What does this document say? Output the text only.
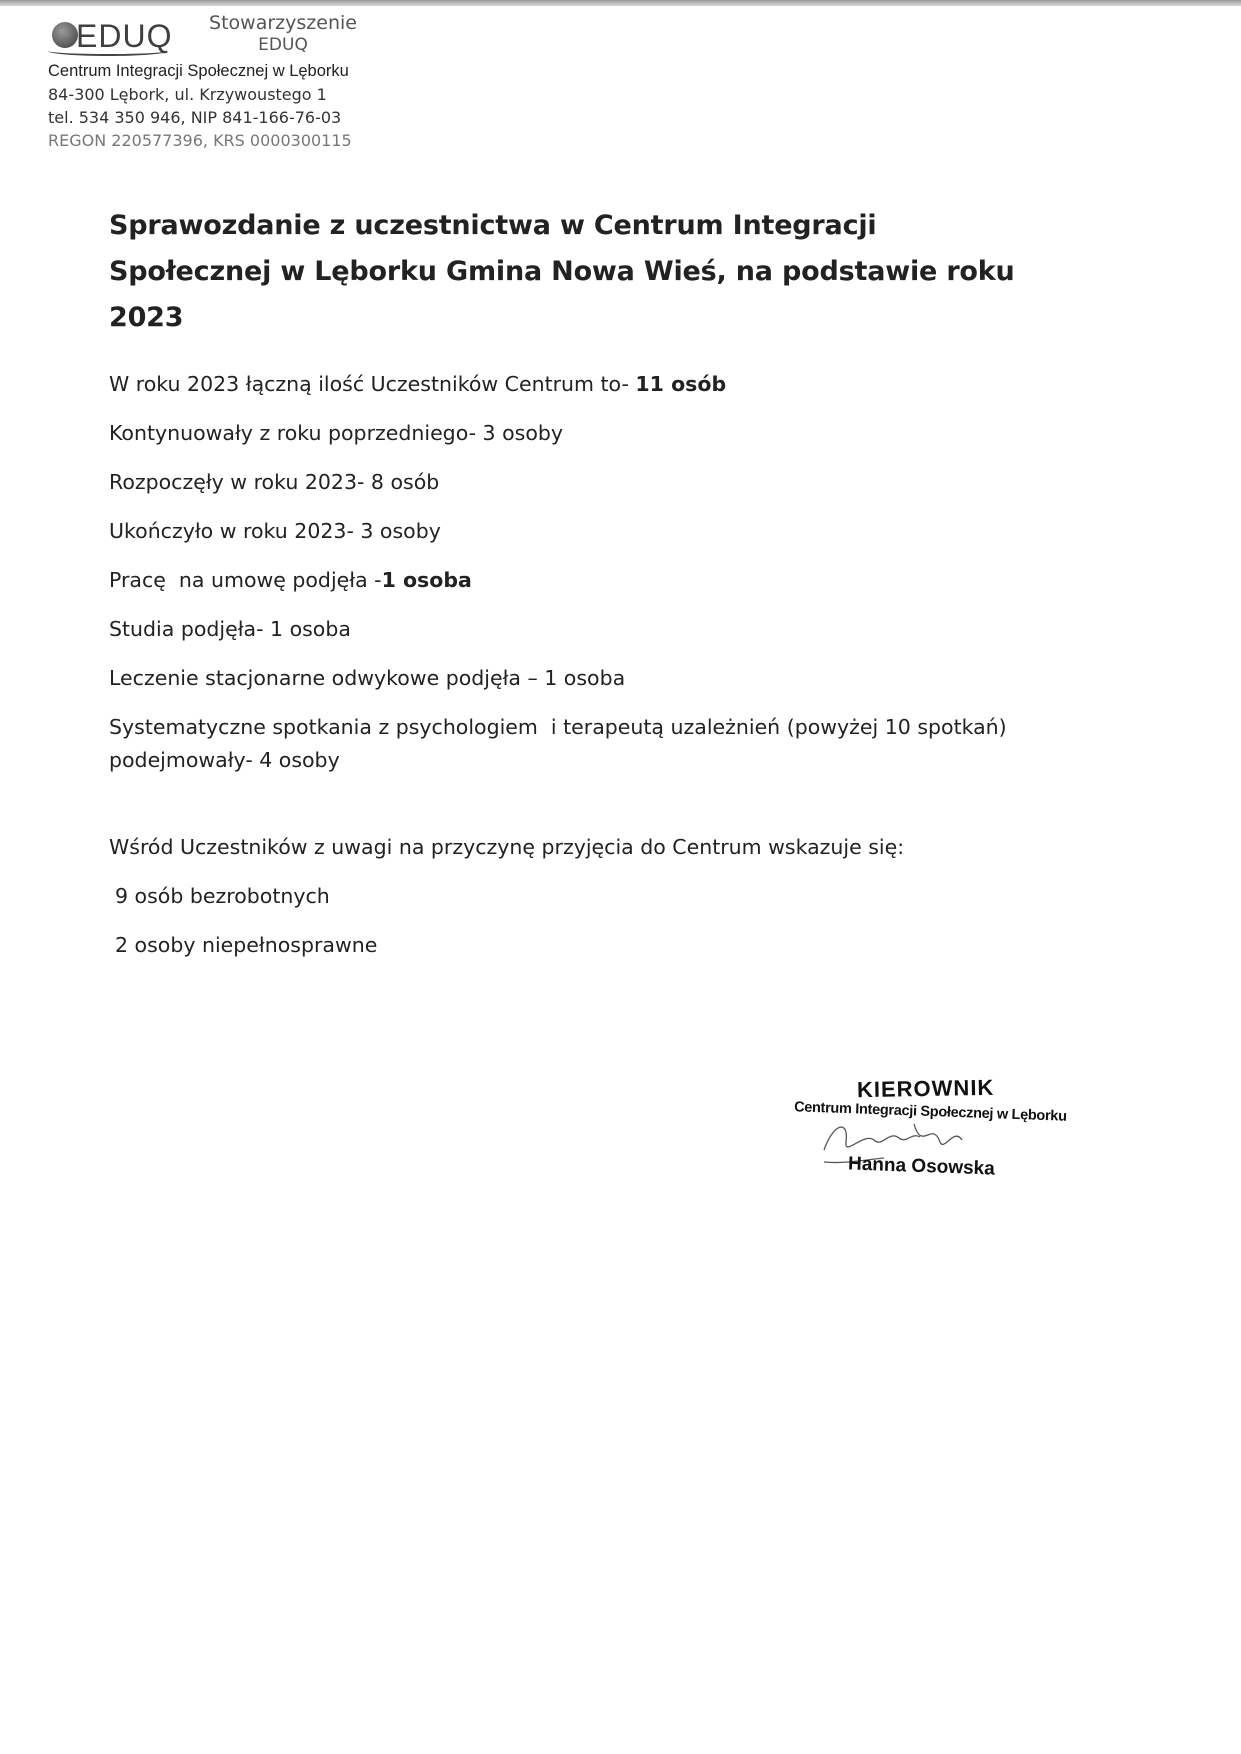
EDUQ	Stowarzyszenie
EDUQ
Centrum Integracji Społecznej w Lęborku
84-300 Lębork, ul. Krzywoustego 1
tel. 534 350 946, NIP 841-166-76-03
REGON 220577396, KRS 0000300115
Sprawozdanie z uczestnictwa w Centrum Integracji Społecznej w Lęborku Gmina Nowa Wieś, na podstawie roku 2023
W roku 2023 łączną ilość Uczestników Centrum to- 11 osób
Kontynuowały z roku poprzedniego- 3 osoby
Rozpoczęły w roku 2023- 8 osób
Ukończyło w roku 2023- 3 osoby
Pracę  na umowę podjęła -1 osoba
Studia podjęła- 1 osoba
Leczenie stacjonarne odwykowe podjęła – 1 osoba
Systematyczne spotkania z psychologiem  i terapeutą uzależnień (powyżej 10 spotkań) podejmowały- 4 osoby
Wśród Uczestników z uwagi na przyczynę przyjęcia do Centrum wskazuje się:
9 osób bezrobotnych
2 osoby niepełnosprawne
KIEROWNIK
Centrum Integracji Społecznej w Lęborku
Hanna Osowska
